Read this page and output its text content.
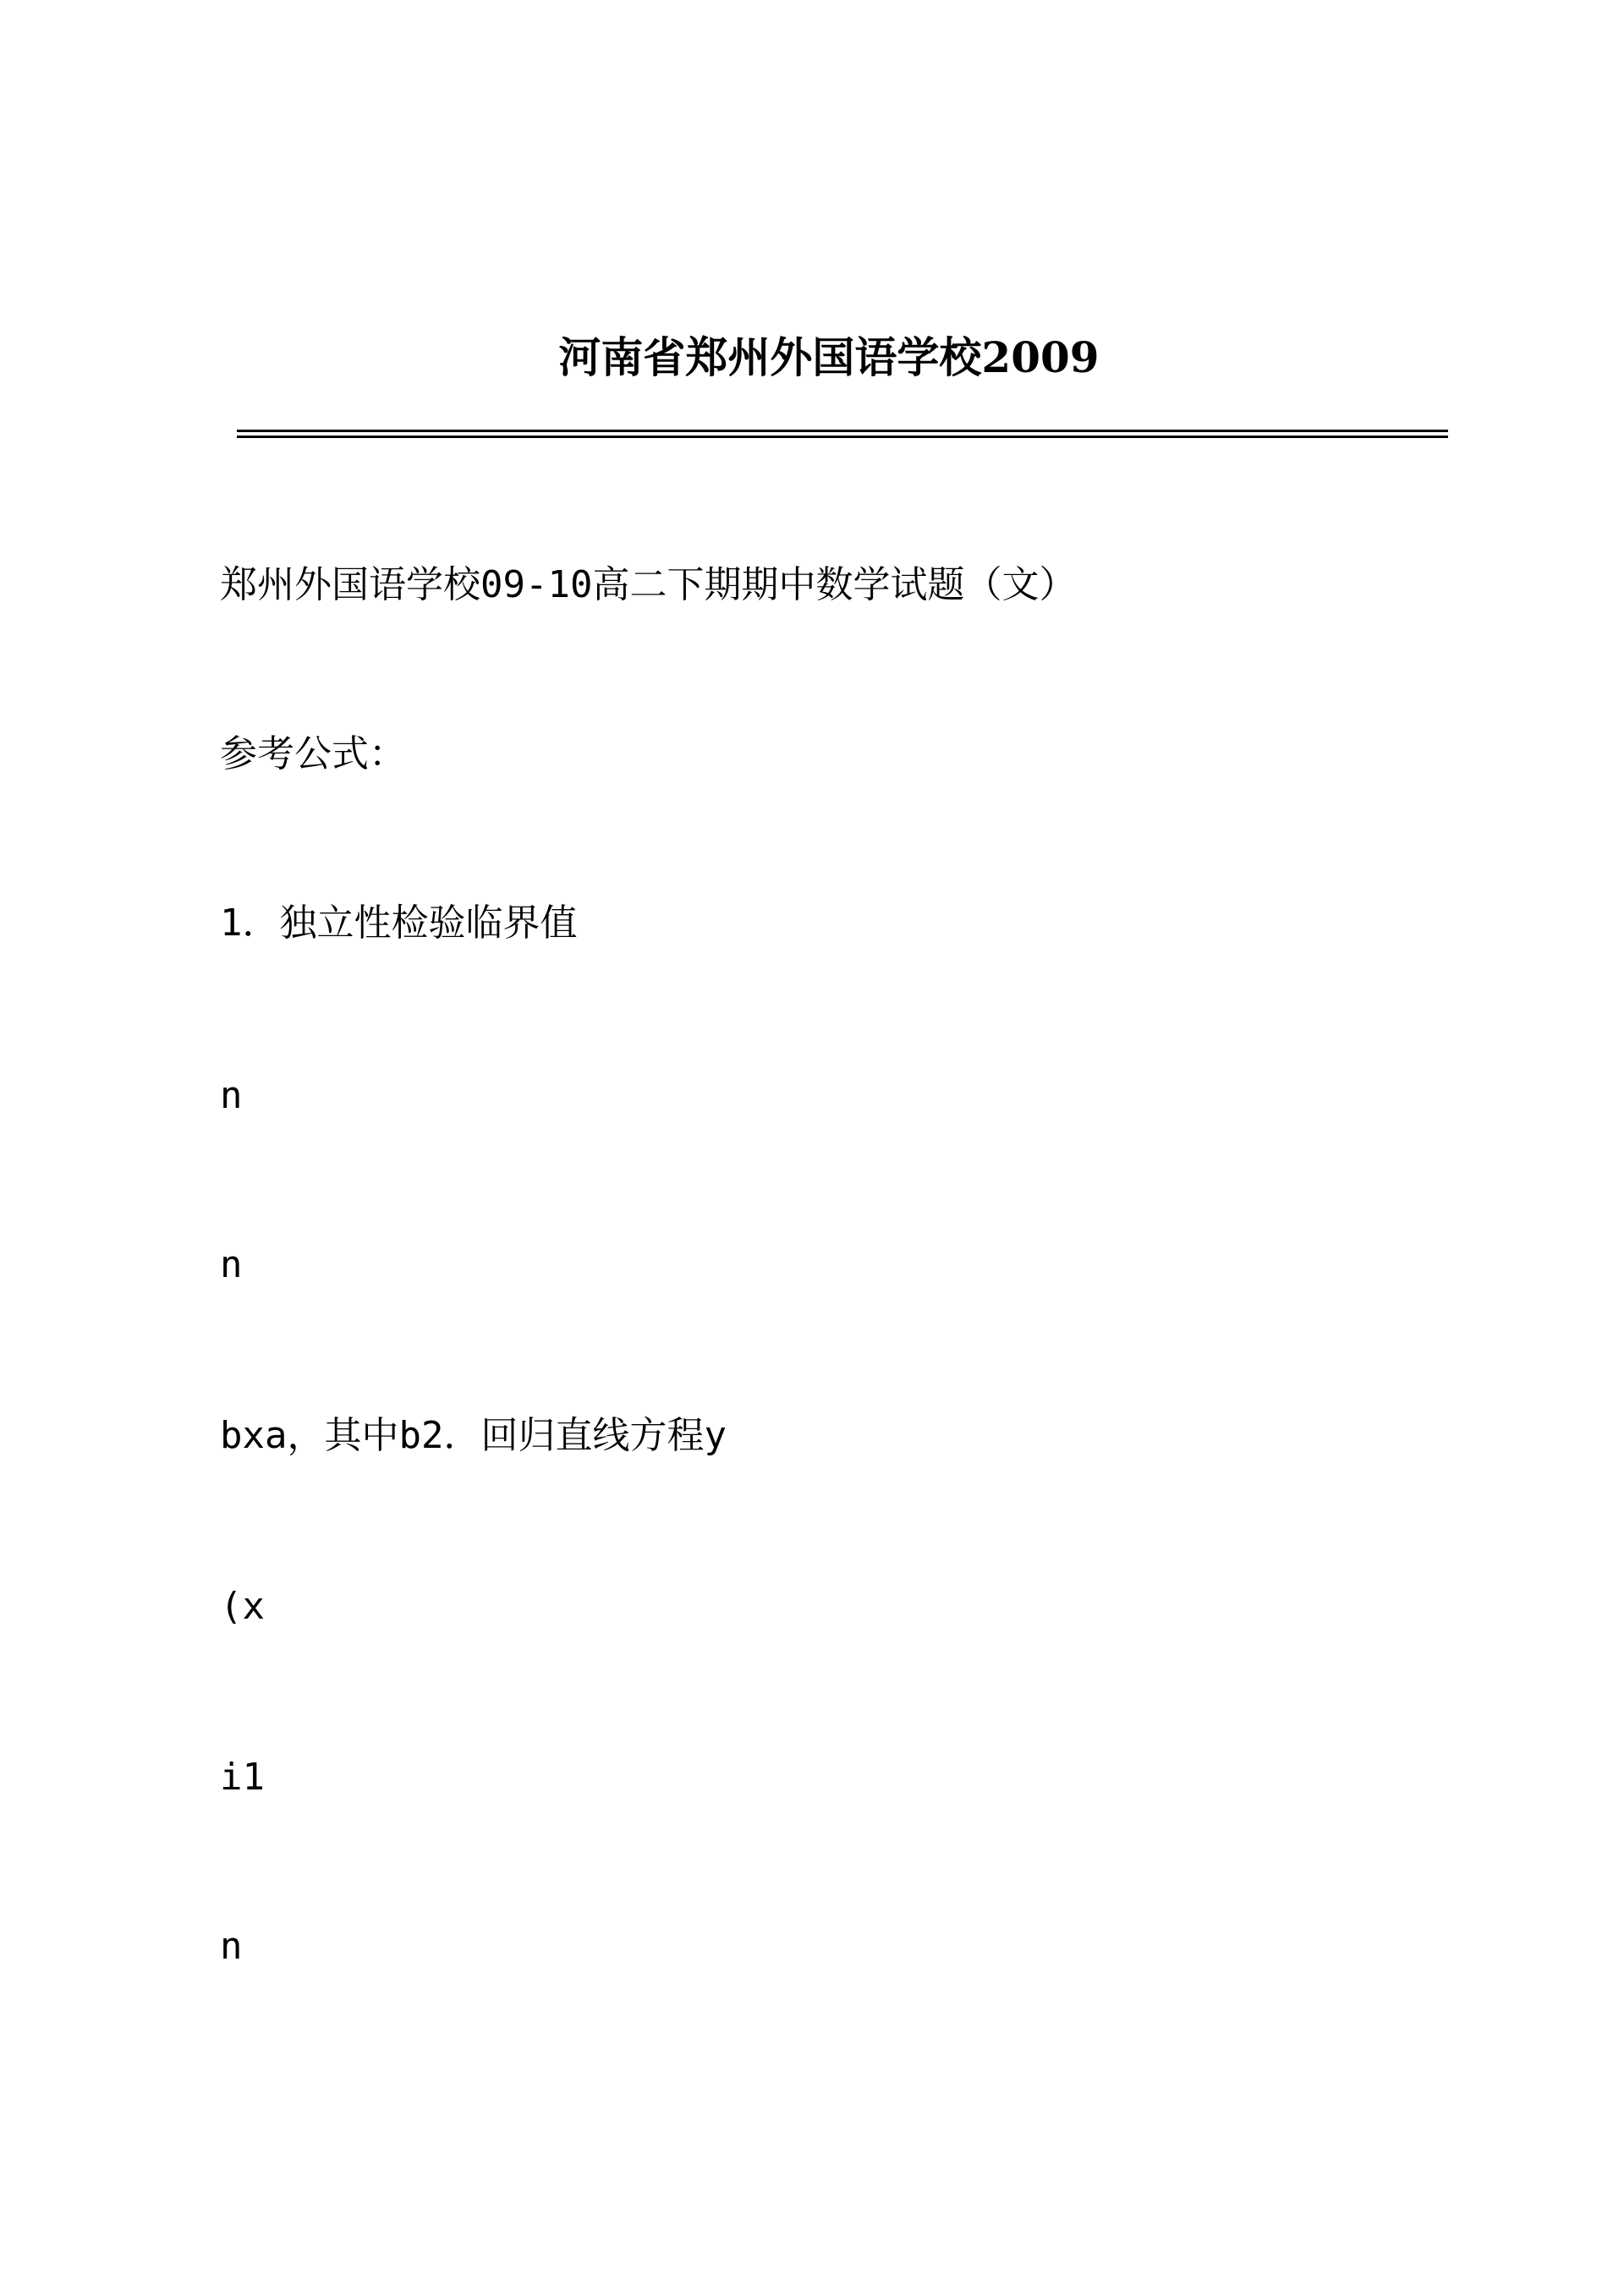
河南省郑州外国语学校2009
郑州外国语学校09-10高二下期期中数学试题（文）
参考公式：
1．独立性检验临界值
n
n
bxa，其中b2．回归直线方程y
(x
i1
n
